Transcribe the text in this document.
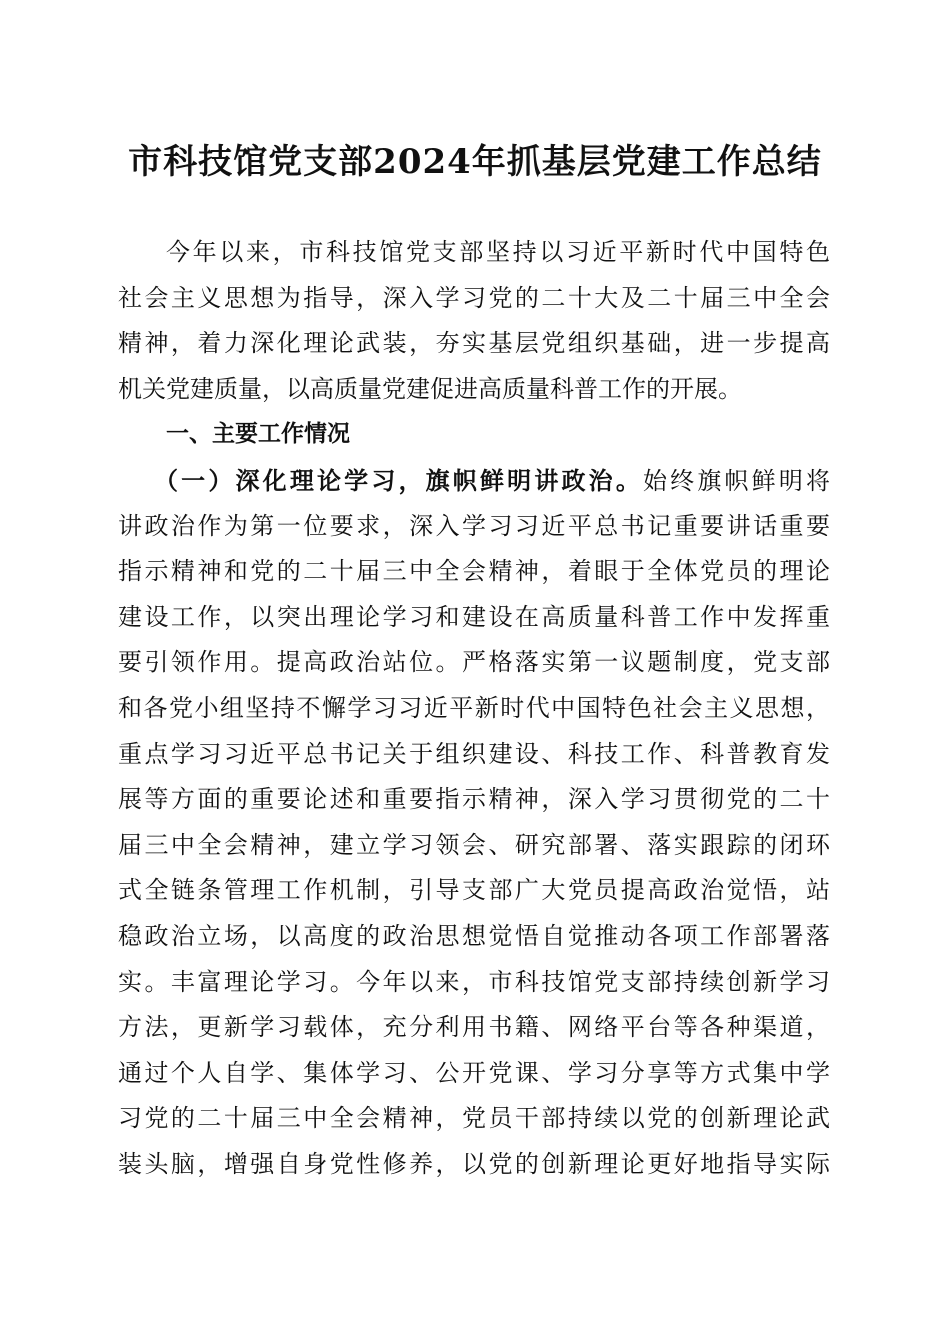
市科技馆党支部2024年抓基层党建工作总结
今年以来，市科技馆党支部坚持以习近平新时代中国特色
社会主义思想为指导，深入学习党的二十大及二十届三中全会
精神，着力深化理论武装，夯实基层党组织基础，进一步提高
机关党建质量，以高质量党建促进高质量科普工作的开展。
一、主要工作情况
（一）深化理论学习，旗帜鲜明讲政治。始终旗帜鲜明将
讲政治作为第一位要求，深入学习习近平总书记重要讲话重要
指示精神和党的二十届三中全会精神，着眼于全体党员的理论
建设工作，以突出理论学习和建设在高质量科普工作中发挥重
要引领作用。提高政治站位。严格落实第一议题制度，党支部
和各党小组坚持不懈学习习近平新时代中国特色社会主义思想，
重点学习习近平总书记关于组织建设、科技工作、科普教育发
展等方面的重要论述和重要指示精神，深入学习贯彻党的二十
届三中全会精神，建立学习领会、研究部署、落实跟踪的闭环
式全链条管理工作机制，引导支部广大党员提高政治觉悟，站
稳政治立场，以高度的政治思想觉悟自觉推动各项工作部署落
实。丰富理论学习。今年以来，市科技馆党支部持续创新学习
方法，更新学习载体，充分利用书籍、网络平台等各种渠道，
通过个人自学、集体学习、公开党课、学习分享等方式集中学
习党的二十届三中全会精神，党员干部持续以党的创新理论武
装头脑，增强自身党性修养，以党的创新理论更好地指导实际
